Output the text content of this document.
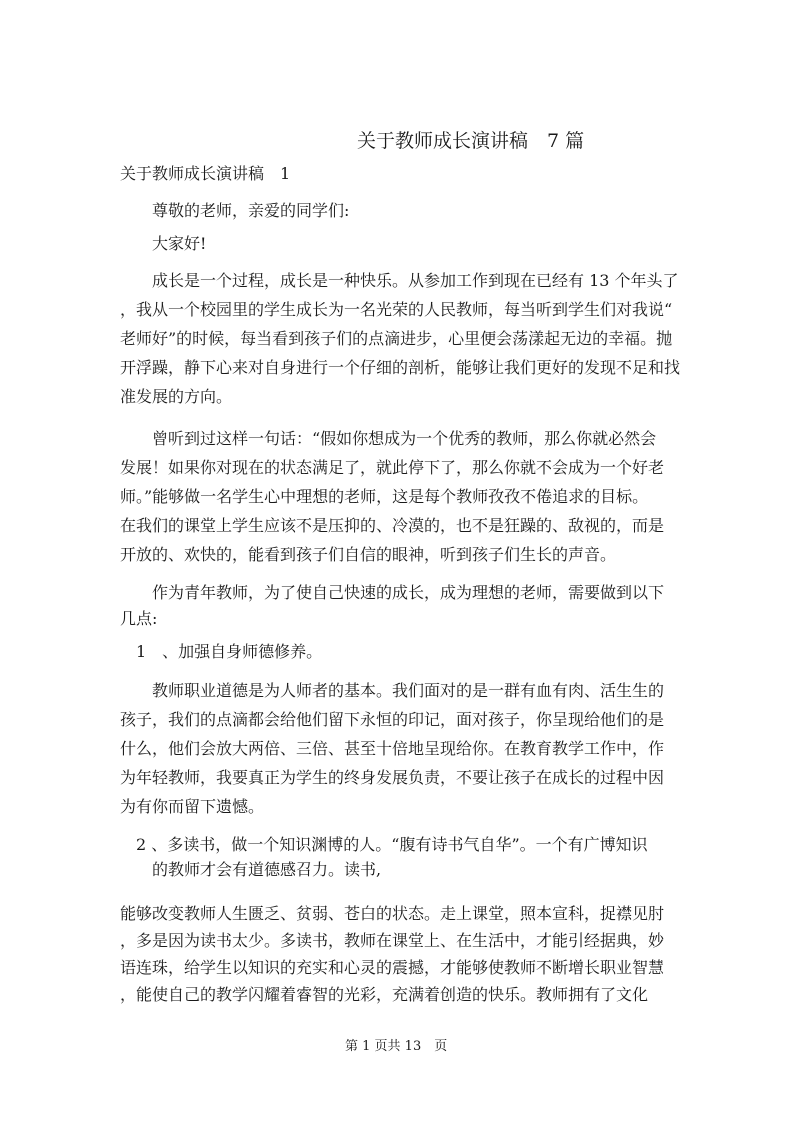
关于教师成长演讲稿　7 篇
关于教师成长演讲稿　1
尊敬的老师，亲爱的同学们:
大家好!
成长是一个过程，成长是一种快乐。从参加工作到现在已经有 13 个年头了
，我从一个校园里的学生成长为一名光荣的人民教师，每当听到学生们对我说“
老师好”的时候，每当看到孩子们的点滴进步，心里便会荡漾起无边的幸福。抛
开浮躁，静下心来对自身进行一个仔细的剖析，能够让我们更好的发现不足和找
准发展的方向。
曾听到过这样一句话：“假如你想成为一个优秀的教师，那么你就必然会
发展！如果你对现在的状态满足了，就此停下了，那么你就不会成为一个好老
师。”能够做一名学生心中理想的老师，这是每个教师孜孜不倦追求的目标。
在我们的课堂上学生应该不是压抑的、冷漠的，也不是狂躁的、敌视的，而是
开放的、欢快的，能看到孩子们自信的眼神，听到孩子们生长的声音。
作为青年教师，为了使自己快速的成长，成为理想的老师，需要做到以下
几点:
1　、加强自身师德修养。
教师职业道德是为人师者的基本。我们面对的是一群有血有肉、活生生的
孩子，我们的点滴都会给他们留下永恒的印记，面对孩子，你呈现给他们的是
什么，他们会放大两倍、三倍、甚至十倍地呈现给你。在教育教学工作中，作
为年轻教师，我要真正为学生的终身发展负责，不要让孩子在成长的过程中因
为有你而留下遗憾。
2 、多读书，做一个知识渊博的人。“腹有诗书气自华”。一个有广博知识
的教师才会有道德感召力。读书,
能够改变教师人生匮乏、贫弱、苍白的状态。走上课堂，照本宣科，捉襟见肘
，多是因为读书太少。多读书，教师在课堂上、在生活中，才能引经据典，妙
语连珠，给学生以知识的充实和心灵的震撼，才能够使教师不断增长职业智慧
，能使自己的教学闪耀着睿智的光彩，充满着创造的快乐。教师拥有了文化
第 1 页共 13　页
